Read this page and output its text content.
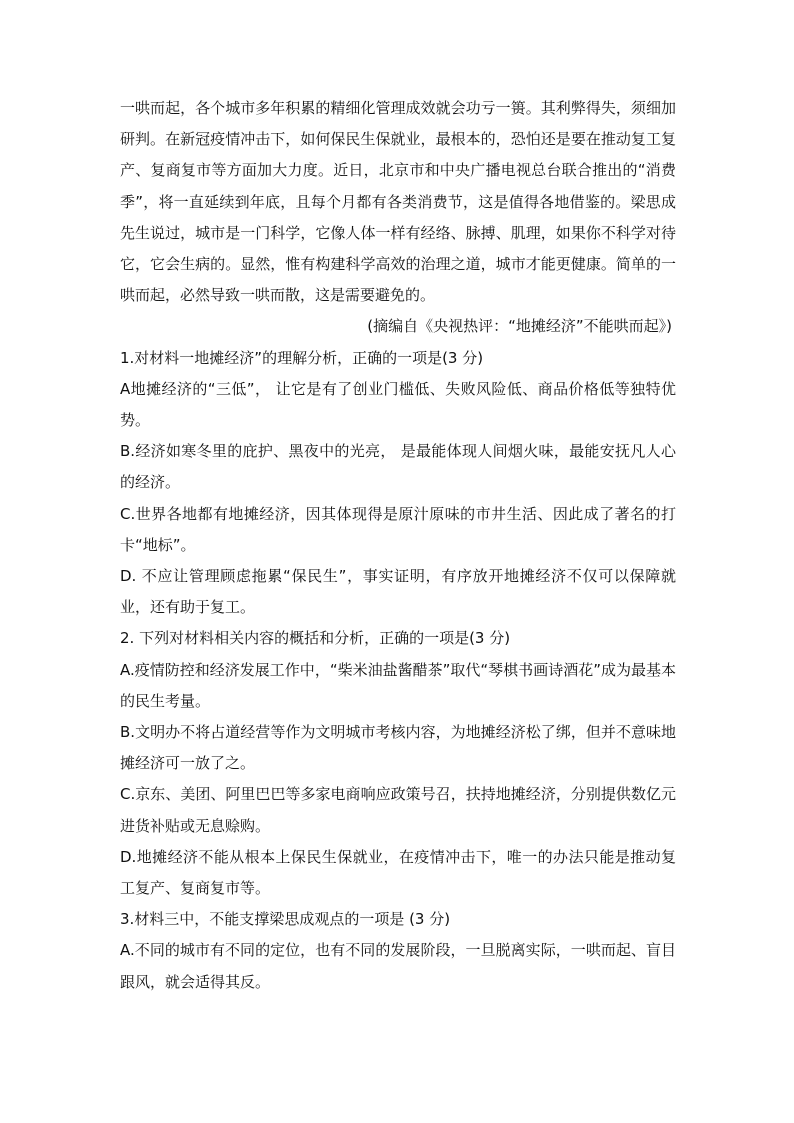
一哄而起，各个城市多年积累的精细化管理成效就会功亏一篑。其利弊得失，须细加研判。在新冠疫情冲击下，如何保民生保就业，最根本的，恐怕还是要在推动复工复产、复商复市等方面加大力度。近日，北京市和中央广播电视总台联合推出的“消费季”，将一直延续到年底，且每个月都有各类消费节，这是值得各地借鉴的。梁思成先生说过，城市是一门科学，它像人体一样有经络、脉搏、肌理，如果你不科学对待它，它会生病的。显然，惟有构建科学高效的治理之道，城市才能更健康。简单的一哄而起，必然导致一哄而散，这是需要避免的。

(摘编自《央视热评：“地摊经济”不能哄而起》)

1.对材料一地摊经济”的理解分析，正确的一项是(3 分)

A地摊经济的“三低”， 让它是有了创业门槛低、失败风险低、商品价格低等独特优势。

B.经济如寒冬里的庇护、黑夜中的光亮， 是最能体现人间烟火味，最能安抚凡人心的经济。

C.世界各地都有地摊经济，因其体现得是原汁原味的市井生活、因此成了著名的打卡“地标”。

D. 不应让管理顾虑拖累“保民生”，事实证明，有序放开地摊经济不仅可以保障就业，还有助于复工。

2. 下列对材料相关内容的概括和分析，正确的一项是(3 分)

A.疫情防控和经济发展工作中，“柴米油盐酱醋茶”取代“琴棋书画诗酒花”成为最基本的民生考量。

B.文明办不将占道经营等作为文明城市考核内容，为地摊经济松了绑，但并不意味地摊经济可一放了之。

C.京东、美团、阿里巴巴等多家电商响应政策号召，扶持地摊经济，分别提供数亿元进货补贴或无息赊购。

D.地摊经济不能从根本上保民生保就业，在疫情冲击下，唯一的办法只能是推动复工复产、复商复市等。

3.材料三中，不能支撑梁思成观点的一项是 (3 分)

A.不同的城市有不同的定位，也有不同的发展阶段，一旦脱离实际，一哄而起、盲目跟风，就会适得其反。
